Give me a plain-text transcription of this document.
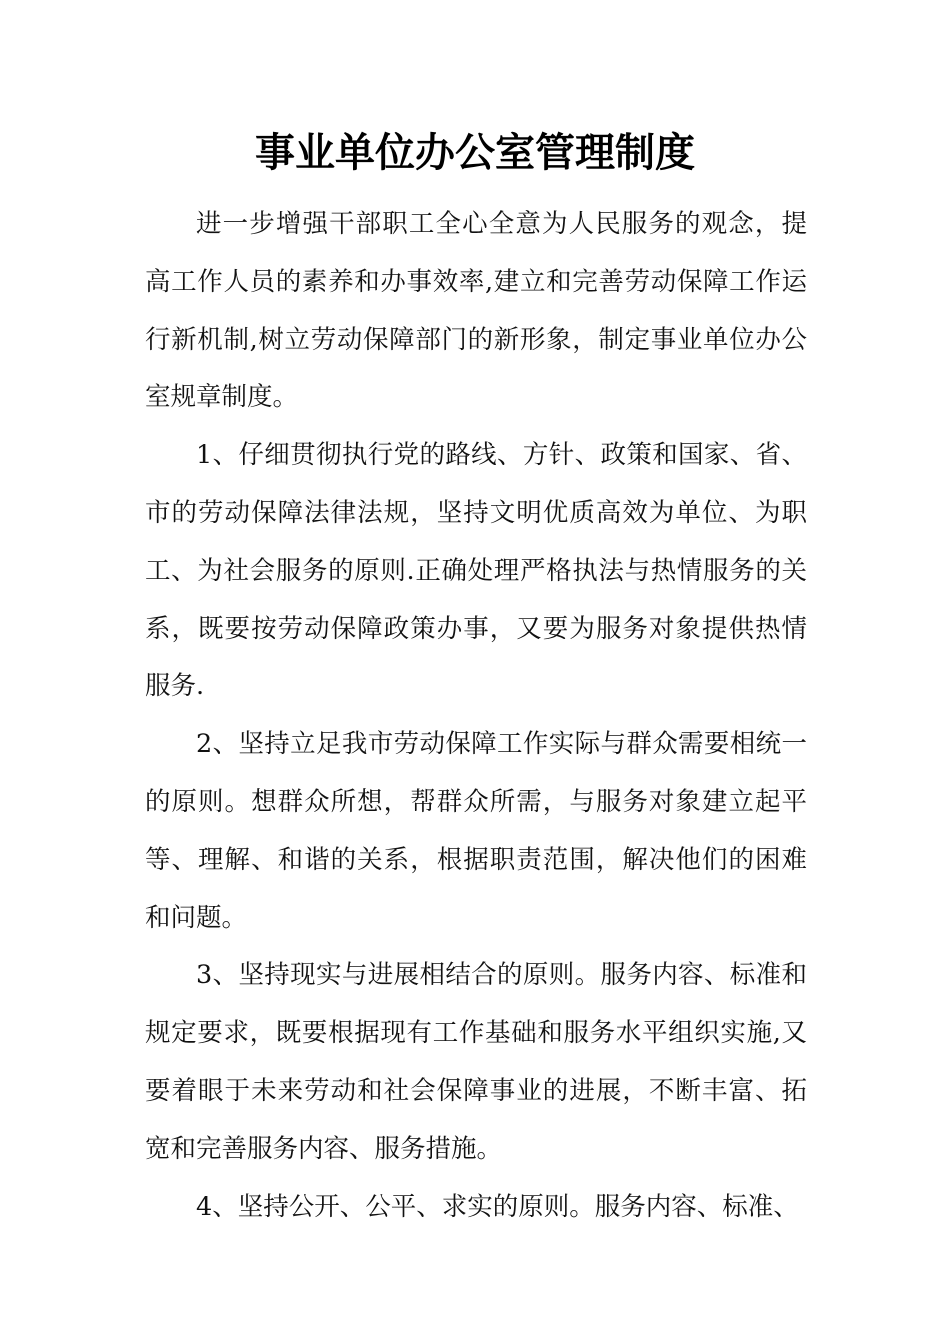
事业单位办公室管理制度

进一步增强干部职工全心全意为人民服务的观念，提高工作人员的素养和办事效率,建立和完善劳动保障工作运行新机制,树立劳动保障部门的新形象，制定事业单位办公室规章制度。

1、仔细贯彻执行党的路线、方针、政策和国家、省、市的劳动保障法律法规，坚持文明优质高效为单位、为职工、为社会服务的原则.正确处理严格执法与热情服务的关系，既要按劳动保障政策办事，又要为服务对象提供热情服务.

2、坚持立足我市劳动保障工作实际与群众需要相统一的原则。想群众所想，帮群众所需，与服务对象建立起平等、理解、和谐的关系，根据职责范围，解决他们的困难和问题。

3、坚持现实与进展相结合的原则。服务内容、标准和规定要求，既要根据现有工作基础和服务水平组织实施,又要着眼于未来劳动和社会保障事业的进展，不断丰富、拓宽和完善服务内容、服务措施。

4、坚持公开、公平、求实的原则。服务内容、标准、
